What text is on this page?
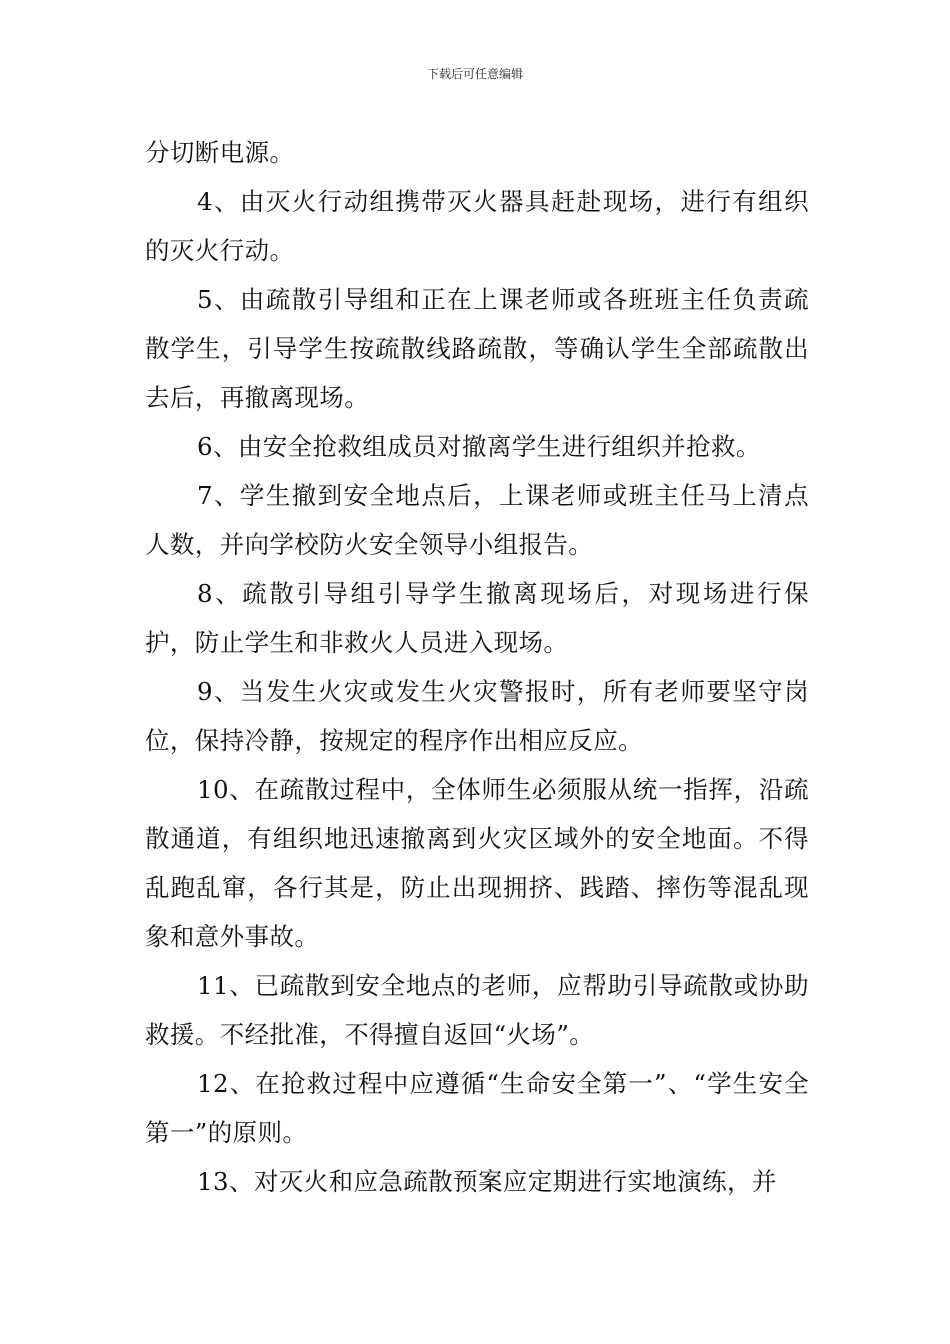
下载后可任意编辑

分切断电源。

4、由灭火行动组携带灭火器具赶赴现场，进行有组织的灭火行动。

5、由疏散引导组和正在上课老师或各班班主任负责疏散学生，引导学生按疏散线路疏散，等确认学生全部疏散出去后，再撤离现场。

6、由安全抢救组成员对撤离学生进行组织并抢救。

7、学生撤到安全地点后，上课老师或班主任马上清点人数，并向学校防火安全领导小组报告。

8、疏散引导组引导学生撤离现场后，对现场进行保护，防止学生和非救火人员进入现场。

9、当发生火灾或发生火灾警报时，所有老师要坚守岗位，保持冷静，按规定的程序作出相应反应。

10、在疏散过程中，全体师生必须服从统一指挥，沿疏散通道，有组织地迅速撤离到火灾区域外的安全地面。不得乱跑乱窜，各行其是，防止出现拥挤、践踏、摔伤等混乱现象和意外事故。

11、已疏散到安全地点的老师，应帮助引导疏散或协助救援。不经批准，不得擅自返回“火场”。

12、在抢救过程中应遵循“生命安全第一”、“学生安全第一”的原则。

13、对灭火和应急疏散预案应定期进行实地演练，并
